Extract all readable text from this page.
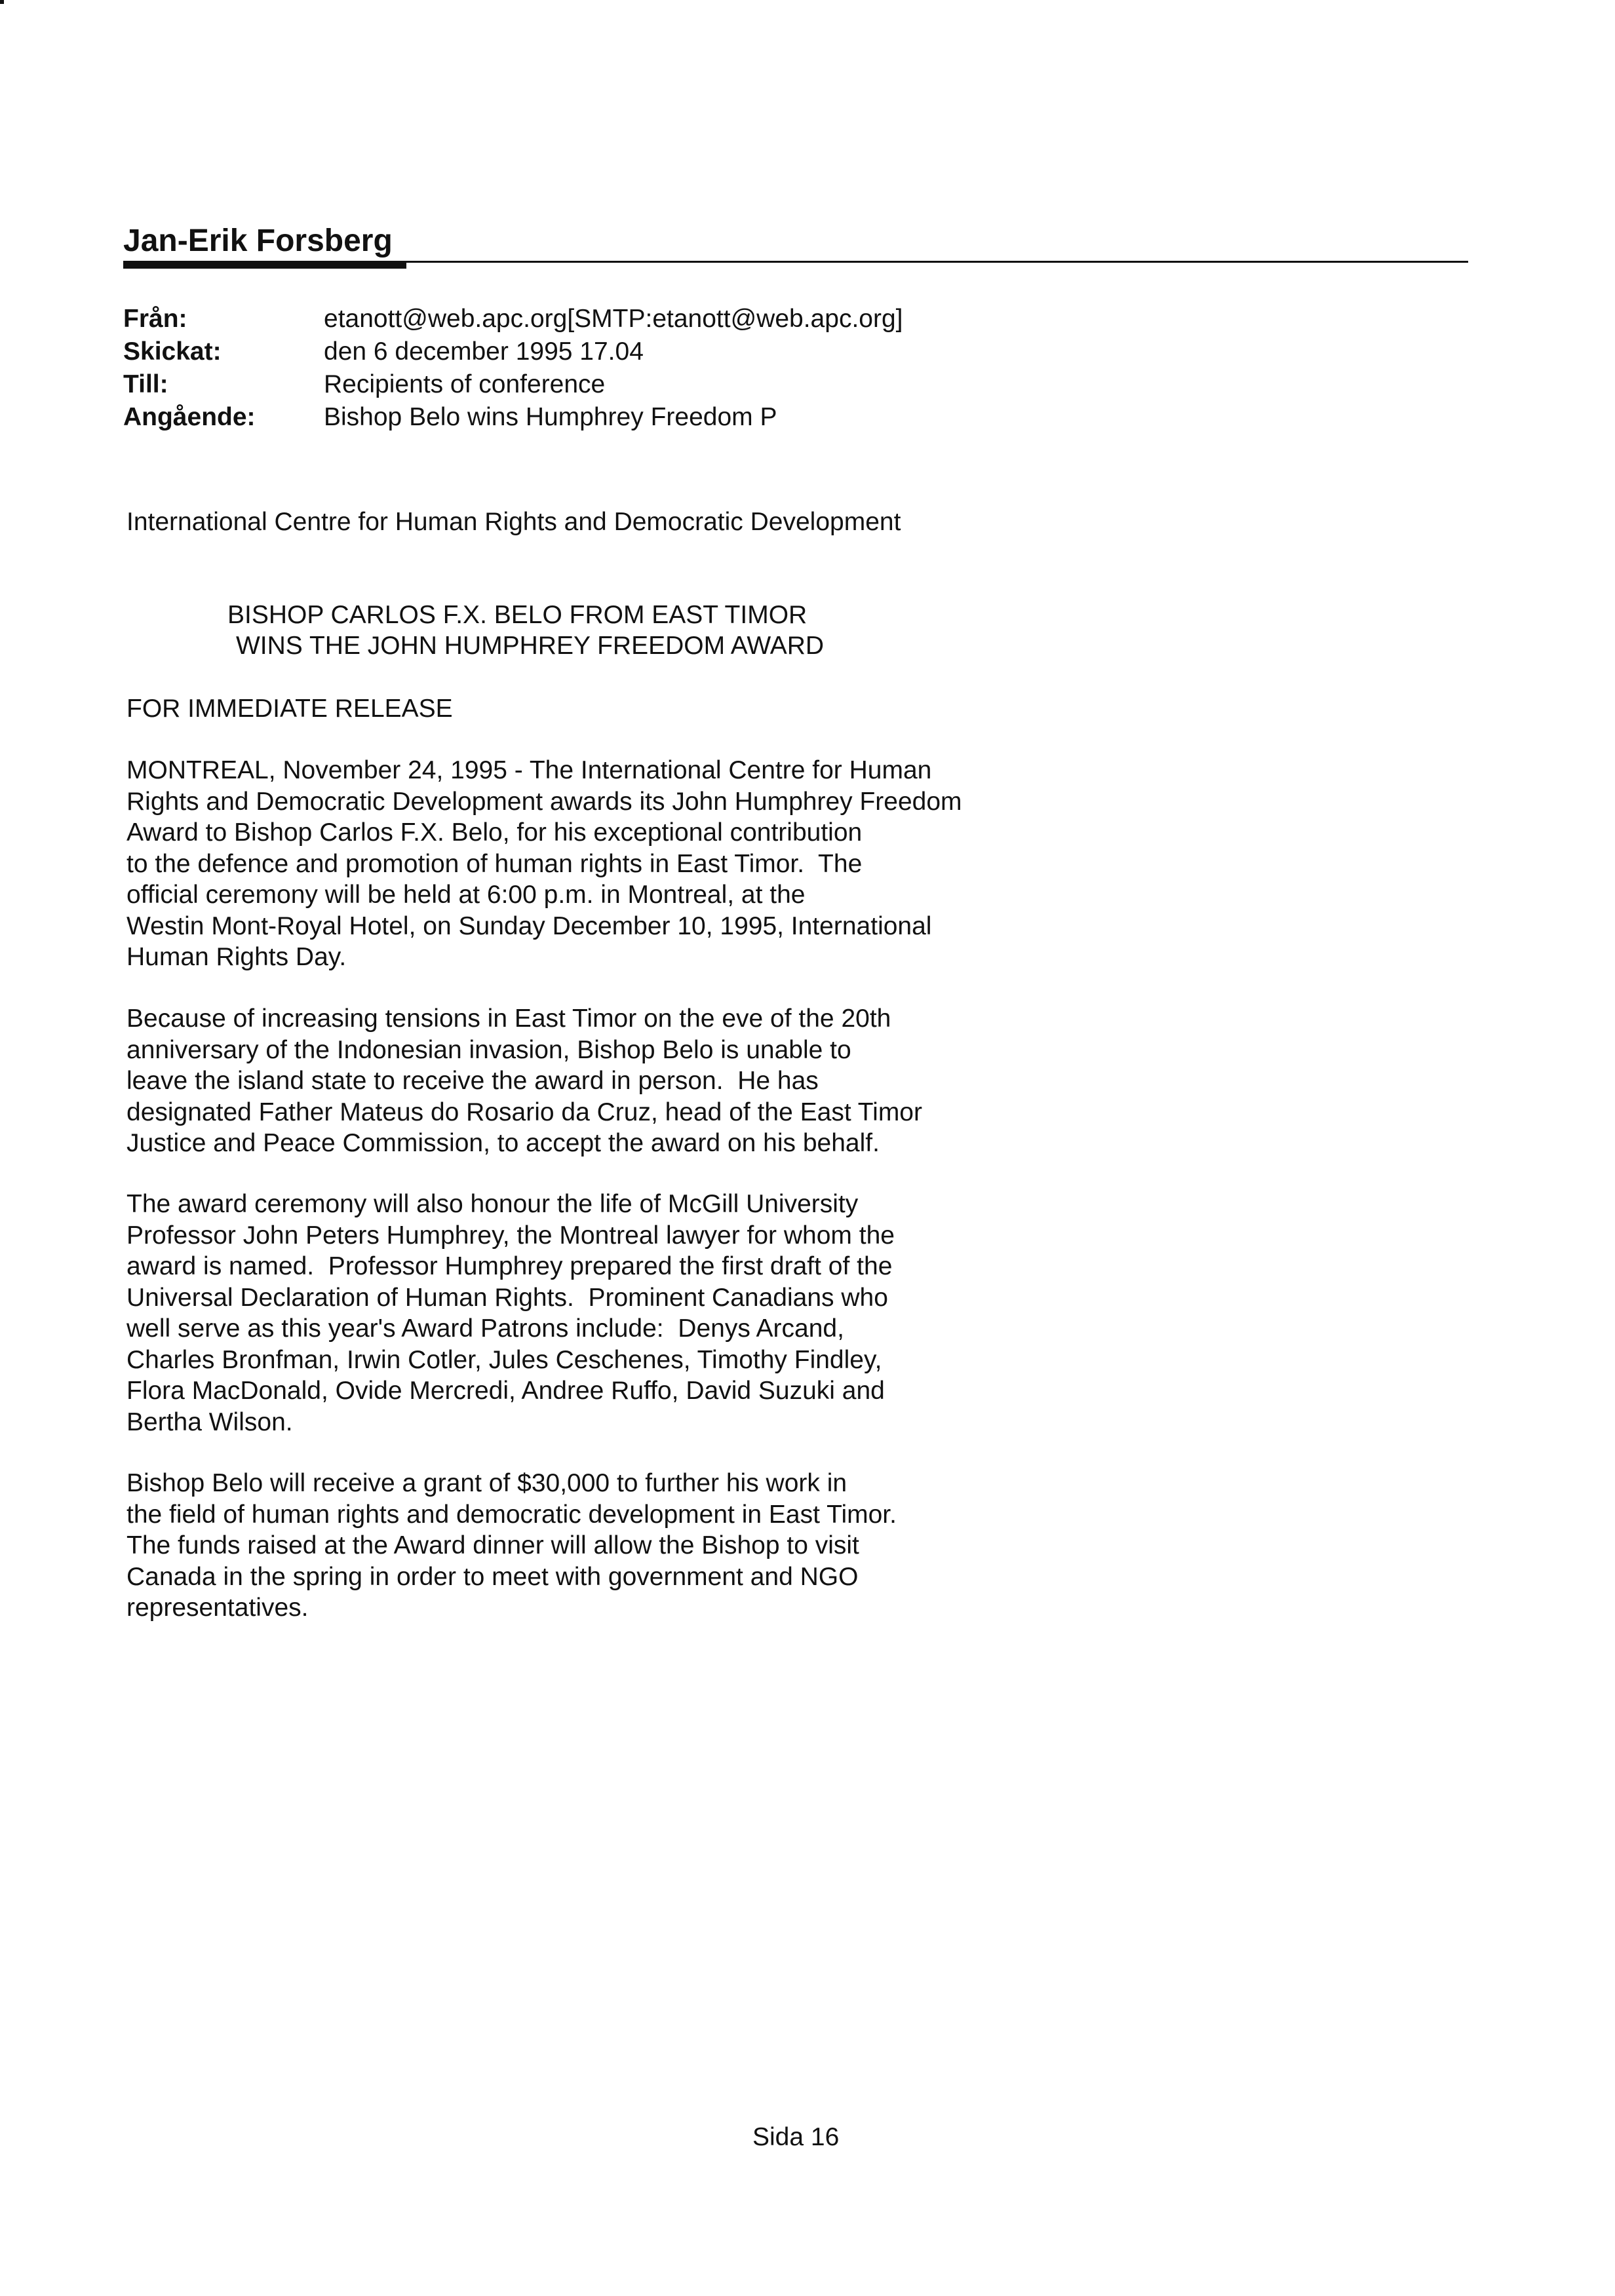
Jan-Erik Forsberg
Från:	etanott@web.apc.org[SMTP:etanott@web.apc.org]
Skickat:	den 6 december 1995 17.04
Till:	Recipients of conference
Angående:	Bishop Belo wins Humphrey Freedom P
International Centre for Human Rights and Democratic Development
BISHOP CARLOS F.X. BELO FROM EAST TIMOR
WINS THE JOHN HUMPHREY FREEDOM AWARD
FOR IMMEDIATE RELEASE
MONTREAL, November 24, 1995 - The International Centre for Human
Rights and Democratic Development awards its John Humphrey Freedom
Award to Bishop Carlos F.X. Belo, for his exceptional contribution
to the defence and promotion of human rights in East Timor.  The
official ceremony will be held at 6:00 p.m. in Montreal, at the
Westin Mont-Royal Hotel, on Sunday December 10, 1995, International
Human Rights Day.
Because of increasing tensions in East Timor on the eve of the 20th
anniversary of the Indonesian invasion, Bishop Belo is unable to
leave the island state to receive the award in person.  He has
designated Father Mateus do Rosario da Cruz, head of the East Timor
Justice and Peace Commission, to accept the award on his behalf.
The award ceremony will also honour the life of McGill University
Professor John Peters Humphrey, the Montreal lawyer for whom the
award is named.  Professor Humphrey prepared the first draft of the
Universal Declaration of Human Rights.  Prominent Canadians who
well serve as this year's Award Patrons include:  Denys Arcand,
Charles Bronfman, Irwin Cotler, Jules Ceschenes, Timothy Findley,
Flora MacDonald, Ovide Mercredi, Andree Ruffo, David Suzuki and
Bertha Wilson.
Bishop Belo will receive a grant of $30,000 to further his work in
the field of human rights and democratic development in East Timor.
The funds raised at the Award dinner will allow the Bishop to visit
Canada in the spring in order to meet with government and NGO
representatives.
Sida 16
